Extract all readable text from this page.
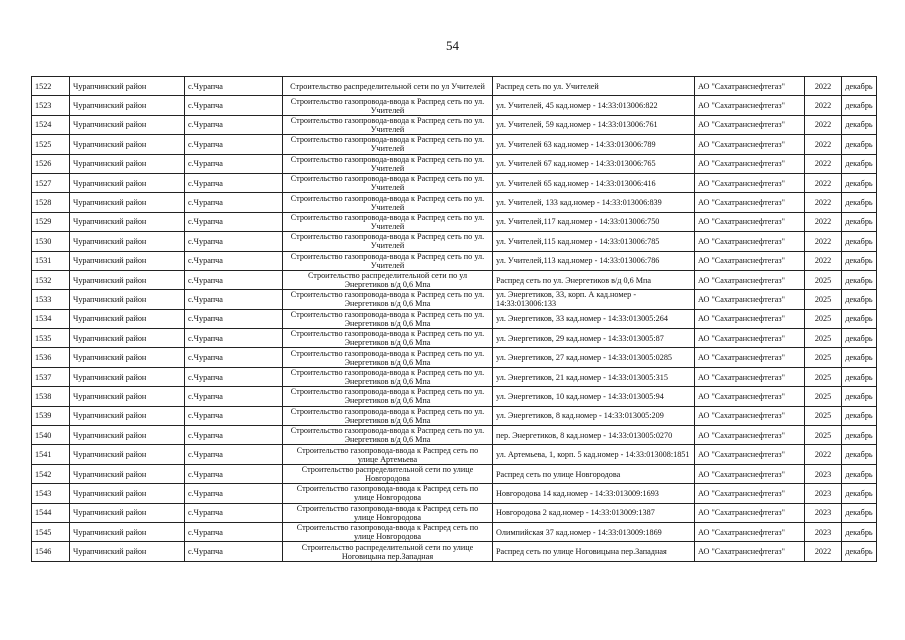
54
1522	Чурапчинский район	с.Чурапча	Строительство распределительной сети по ул Учителей	Распред сеть по ул. Учителей	АО "Сахатранснефтегаз"	2022	декабрь
1523	Чурапчинский район	с.Чурапча	Строительство газопровода-ввода к Распред сеть по ул. Учителей	ул. Учителей, 45 кад.номер - 14:33:013006:822	АО "Сахатранснефтегаз"	2022	декабрь
1524	Чурапчинский район	с.Чурапча	Строительство газопровода-ввода к Распред сеть по ул. Учителей	ул. Учителей, 59 кад.номер - 14:33:013006:761	АО "Сахатранснефтегаз"	2022	декабрь
1525	Чурапчинский район	с.Чурапча	Строительство газопровода-ввода к Распред сеть по ул. Учителей	ул. Учителей 63 кад.номер - 14:33:013006:789	АО "Сахатранснефтегаз"	2022	декабрь
1526	Чурапчинский район	с.Чурапча	Строительство газопровода-ввода к Распред сеть по ул. Учителей	ул. Учителей 67 кад.номер - 14:33:013006:765	АО "Сахатранснефтегаз"	2022	декабрь
1527	Чурапчинский район	с.Чурапча	Строительство газопровода-ввода к Распред сеть по ул. Учителей	ул. Учителей 65 кад.номер - 14:33:013006:416	АО "Сахатранснефтегаз"	2022	декабрь
1528	Чурапчинский район	с.Чурапча	Строительство газопровода-ввода к Распред сеть по ул. Учителей	ул. Учителей, 133 кад.номер - 14:33:013006:839	АО "Сахатранснефтегаз"	2022	декабрь
1529	Чурапчинский район	с.Чурапча	Строительство газопровода-ввода к Распред сеть по ул. Учителей	ул. Учителей,117 кад.номер - 14:33:013006:750	АО "Сахатранснефтегаз"	2022	декабрь
1530	Чурапчинский район	с.Чурапча	Строительство газопровода-ввода к Распред сеть по ул. Учителей	ул. Учителей,115 кад.номер - 14:33:013006:785	АО "Сахатранснефтегаз"	2022	декабрь
1531	Чурапчинский район	с.Чурапча	Строительство газопровода-ввода к Распред сеть по ул. Учителей	ул. Учителей,113 кад.номер - 14:33:013006:786	АО "Сахатранснефтегаз"	2022	декабрь
1532	Чурапчинский район	с.Чурапча	Строительство распределительной сети по ул Энергетиков в/д 0,6 Мпа	Распред сеть по ул. Энергетиков в/д 0,6 Мпа	АО "Сахатранснефтегаз"	2025	декабрь
1533	Чурапчинский район	с.Чурапча	Строительство газопровода-ввода к Распред сеть по ул. Энергетиков в/д 0,6 Мпа	ул. Энергетиков, 33, корп. А кад.номер - 14:33:013006:133	АО "Сахатранснефтегаз"	2025	декабрь
1534	Чурапчинский район	с.Чурапча	Строительство газопровода-ввода к Распред сеть по ул. Энергетиков в/д 0,6 Мпа	ул. Энергетиков, 33 кад.номер - 14:33:013005:264	АО "Сахатранснефтегаз"	2025	декабрь
1535	Чурапчинский район	с.Чурапча	Строительство газопровода-ввода к Распред сеть по ул. Энергетиков в/д 0,6 Мпа	ул. Энергетиков, 29 кад.номер - 14:33:013005:87	АО "Сахатранснефтегаз"	2025	декабрь
1536	Чурапчинский район	с.Чурапча	Строительство газопровода-ввода к Распред сеть по ул. Энергетиков в/д 0,6 Мпа	ул. Энергетиков, 27 кад.номер - 14:33:013005:0285	АО "Сахатранснефтегаз"	2025	декабрь
1537	Чурапчинский район	с.Чурапча	Строительство газопровода-ввода к Распред сеть по ул. Энергетиков в/д 0,6 Мпа	ул. Энергетиков, 21 кад.номер - 14:33:013005:315	АО "Сахатранснефтегаз"	2025	декабрь
1538	Чурапчинский район	с.Чурапча	Строительство газопровода-ввода к Распред сеть по ул. Энергетиков в/д 0,6 Мпа	ул. Энергетиков, 10 кад.номер - 14:33:013005:94	АО "Сахатранснефтегаз"	2025	декабрь
1539	Чурапчинский район	с.Чурапча	Строительство газопровода-ввода к Распред сеть по ул. Энергетиков в/д 0,6 Мпа	ул. Энергетиков, 8 кад.номер - 14:33:013005:209	АО "Сахатранснефтегаз"	2025	декабрь
1540	Чурапчинский район	с.Чурапча	Строительство газопровода-ввода к Распред сеть по ул. Энергетиков в/д 0,6 Мпа	пер. Энергетиков, 8 кад.номер - 14:33:013005:0270	АО "Сахатранснефтегаз"	2025	декабрь
1541	Чурапчинский район	с.Чурапча	Строительство газопровода-ввода к Распред сеть по улице Артемьева	ул. Артемьева, 1, корп. 5 кад.номер - 14:33:013008:1851	АО "Сахатранснефтегаз"	2022	декабрь
1542	Чурапчинский район	с.Чурапча	Строительство распределительной сети по улице Новгородова	Распред сеть по улице Новгородова	АО "Сахатранснефтегаз"	2023	декабрь
1543	Чурапчинский район	с.Чурапча	Строительство газопровода-ввода к Распред сеть по улице Новгородова	Новгородова 14 кад.номер - 14:33:013009:1693	АО "Сахатранснефтегаз"	2023	декабрь
1544	Чурапчинский район	с.Чурапча	Строительство газопровода-ввода к Распред сеть по улице Новгородова	Новгородова 2 кад.номер - 14:33:013009:1387	АО "Сахатранснефтегаз"	2023	декабрь
1545	Чурапчинский район	с.Чурапча	Строительство газопровода-ввода к Распред сеть по улице Новгородова	Олимпийская 37 кад.номер - 14:33:013009:1869	АО "Сахатранснефтегаз"	2023	декабрь
1546	Чурапчинский район	с.Чурапча	Строительство распределительной сети по улице Ноговицына пер.Западная	Распред сеть по улице Ноговицына пер.Западная	АО "Сахатранснефтегаз"	2022	декабрь
